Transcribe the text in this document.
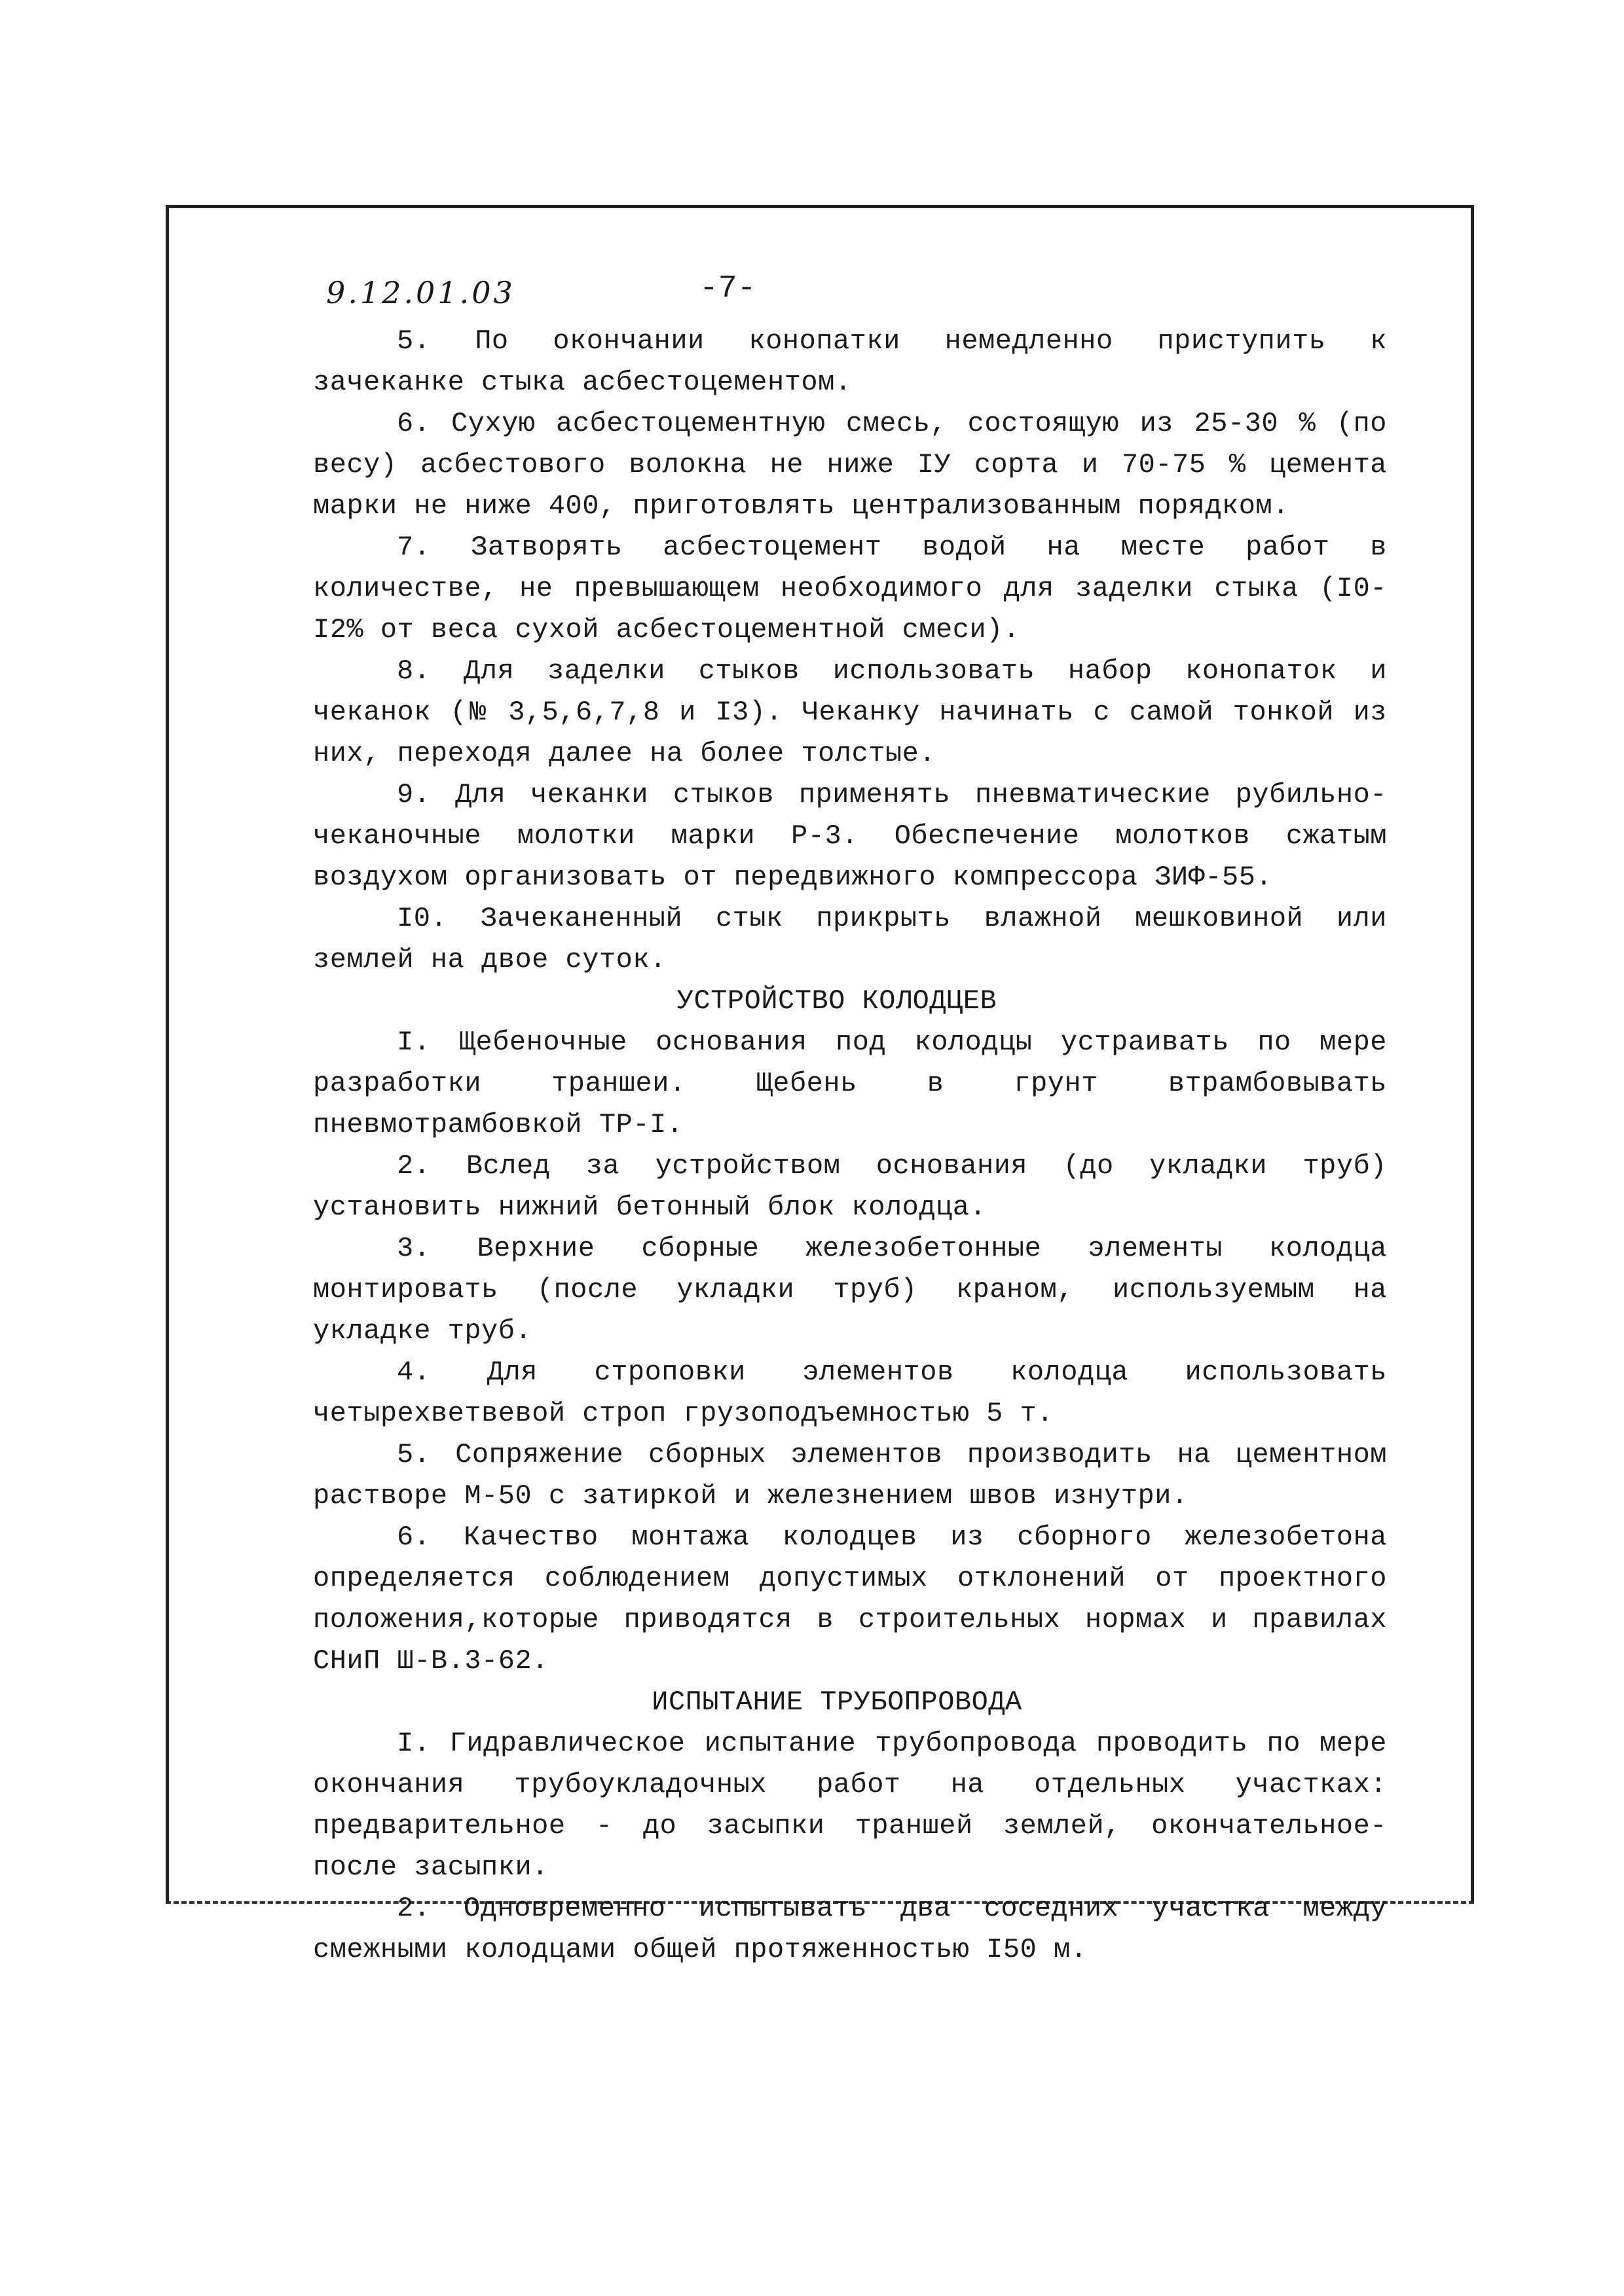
9.12.01.03	-7-

5. По окончании конопатки немедленно приступить к зачеканке стыка асбестоцементом.

6. Сухую асбестоцементную смесь, состоящую из 25-30 % (по весу) асбестового волокна не ниже IУ сорта и 70-75 % цемента марки не ниже 400, приготовлять централизованным порядком.

7. Затворять асбестоцемент водой на месте работ в количестве, не превышающем необходимого для заделки стыка (I0-I2% от веса сухой асбестоцементной смеси).

8. Для заделки стыков использовать набор конопаток и чеканок (№ 3,5,6,7,8 и I3). Чеканку начинать с самой тонкой из них, переходя далее на более толстые.

9. Для чеканки стыков применять пневматические рубильно-чеканочные молотки марки Р-3. Обеспечение молотков сжатым воздухом организовать от передвижного компрессора ЗИФ-55.

I0. Зачеканенный стык прикрыть влажной мешковиной или землей на двое суток.

УСТРОЙСТВО КОЛОДЦЕВ

I. Щебеночные основания под колодцы устраивать по мере разработки траншеи. Щебень в грунт втрамбовывать пневмотрамбовкой ТР-I.

2. Вслед за устройством основания (до укладки труб) установить нижний бетонный блок колодца.

3. Верхние сборные железобетонные элементы колодца монтировать (после укладки труб) краном, используемым на укладке труб.

4. Для строповки элементов колодца использовать четырехветвевой строп грузоподъемностью 5 т.

5. Сопряжение сборных элементов производить на цементном растворе М-50 с затиркой и железнением швов изнутри.

6. Качество монтажа колодцев из сборного железобетона определяется соблюдением допустимых отклонений от проектного положения,которые приводятся в строительных нормах и правилах СНиП Ш-В.3-62.

ИСПЫТАНИЕ ТРУБОПРОВОДА

I. Гидравлическое испытание трубопровода проводить по мере окончания трубоукладочных работ на отдельных участках: предварительное - до засыпки траншей землей, окончательное-после засыпки.

2. Одновременно испытывать два соседних участка между смежными колодцами общей протяженностью I50 м.
